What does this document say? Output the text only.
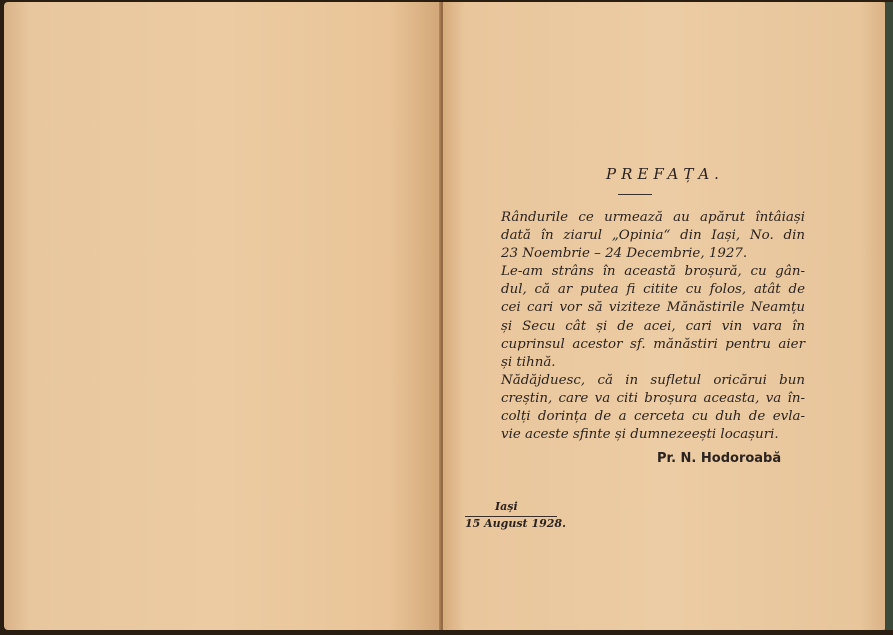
PREFAȚA.

Rândurile ce urmează au apărut întâiași
dată în ziarul „Opinia“ din Iași, No. din
23 Noembrie – 24 Decembrie, 1927.

Le-am strâns în această broșură, cu gân-
dul, că ar putea fi citite cu folos, atât de
cei cari vor să viziteze Mănăstirile Neamțu
și Secu cât și de acei, cari vin vara în
cuprinsul acestor sf. mănăstiri pentru aier
și tihnă.

Nădăjduesc, că in sufletul oricărui bun
creștin, care va citi broșura aceasta, va în-
colți dorința de a cerceta cu duh de evla-
vie aceste sfinte și dumnezeești locașuri.

Pr. N. Hodoroabă
Iași
15 August 1928.
